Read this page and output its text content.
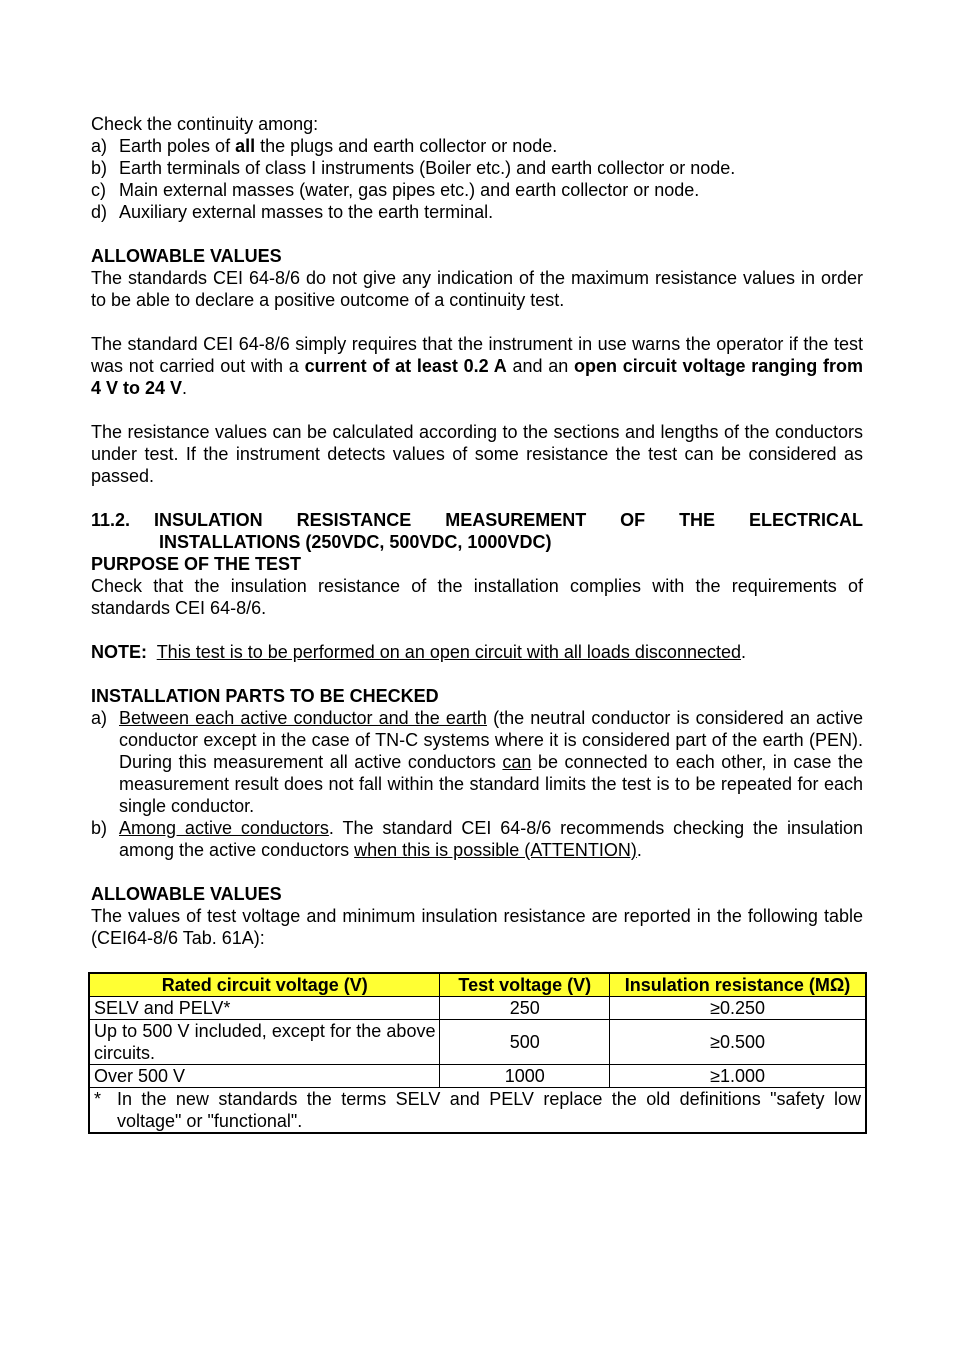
Check the continuity among:

a) Earth poles of all the plugs and earth collector or node.
b) Earth terminals of class I instruments (Boiler etc.) and earth collector or node.
c) Main external masses (water, gas pipes etc.) and earth collector or node.
d) Auxiliary external masses to the earth terminal.

ALLOWABLE VALUES

The standards CEI 64-8/6 do not give any indication of the maximum resistance values in order to be able to declare a positive outcome of a continuity test.

The standard CEI 64-8/6 simply requires that the instrument in use warns the operator if the test was not carried out with a current of at least 0.2 A and an open circuit voltage ranging from 4 V to 24 V.

The resistance values can be calculated according to the sections and lengths of the conductors under test. If the instrument detects values of some resistance the test can be considered as passed.

11.2.	INSULATION RESISTANCE MEASUREMENT OF THE ELECTRICAL

INSTALLATIONS (250VDC, 500VDC, 1000VDC)

PURPOSE OF THE TEST

Check that the insulation resistance of the installation complies with the requirements of standards CEI 64-8/6.

NOTE: This test is to be performed on an open circuit with all loads disconnected.

INSTALLATION PARTS TO BE CHECKED

a) Between each active conductor and the earth (the neutral conductor is considered an active conductor except in the case of TN-C systems where it is considered part of the earth (PEN). During this measurement all active conductors can be connected to each other, in case the measurement result does not fall within the standard limits the test is to be repeated for each single conductor.
b) Among active conductors. The standard CEI 64-8/6 recommends checking the insulation among the active conductors when this is possible (ATTENTION).

ALLOWABLE VALUES

The values of test voltage and minimum insulation resistance are reported in the following table (CEI64-8/6 Tab. 61A):

Rated circuit voltage (V)	Test voltage (V)	Insulation resistance (MΩ)
SELV and PELV*	250	≥0.250
Up to 500 V included, except for the above circuits.	500	≥0.500
Over 500 V	1000	≥1.000

* In the new standards the terms SELV and PELV replace the old definitions "safety low voltage" or "functional".		
